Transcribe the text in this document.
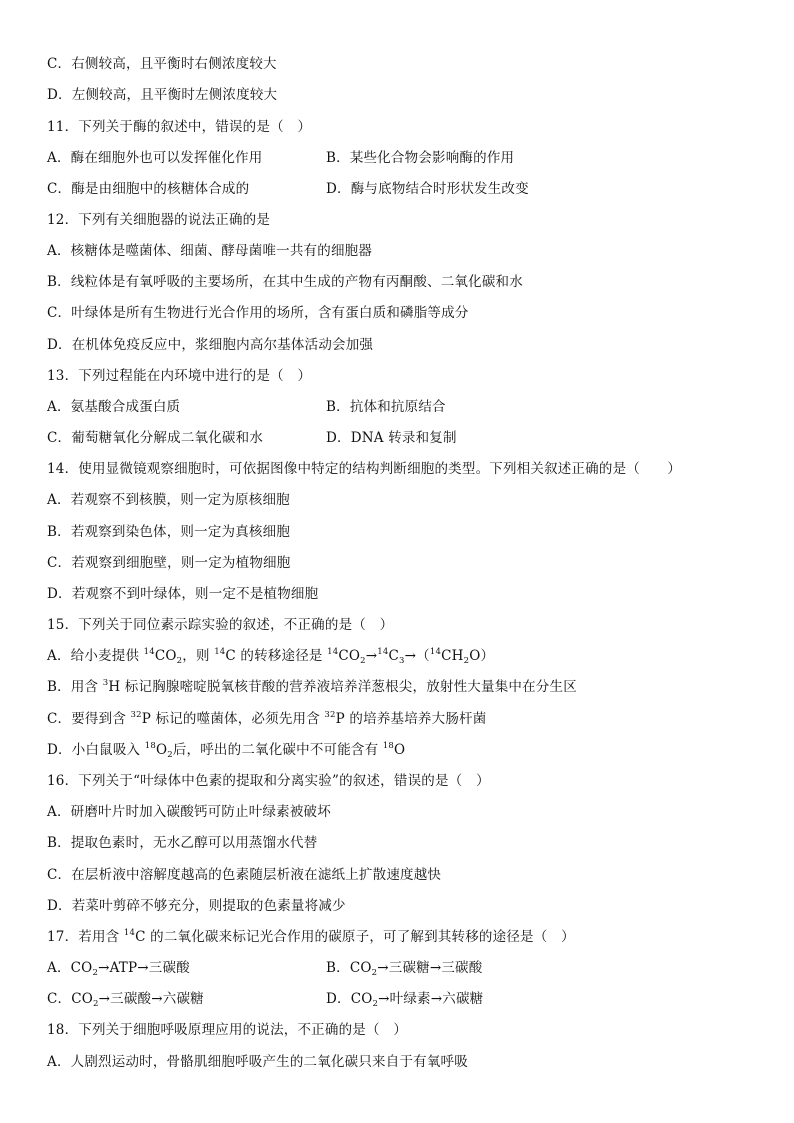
C．右侧较高，且平衡时右侧浓度较大
D．左侧较高，且平衡时左侧浓度较大
11．下列关于酶的叙述中，错误的是（　）
A．酶在细胞外也可以发挥催化作用	B．某些化合物会影响酶的作用
C．酶是由细胞中的核糖体合成的	D．酶与底物结合时形状发生改变
12．下列有关细胞器的说法正确的是
A．核糖体是噬菌体、细菌、酵母菌唯一共有的细胞器
B．线粒体是有氧呼吸的主要场所，在其中生成的产物有丙酮酸、二氧化碳和水
C．叶绿体是所有生物进行光合作用的场所，含有蛋白质和磷脂等成分
D．在机体免疫反应中，浆细胞内高尔基体活动会加强
13．下列过程能在内环境中进行的是（　）
A．氨基酸合成蛋白质	B．抗体和抗原结合
C．葡萄糖氧化分解成二氧化碳和水	D．DNA 转录和复制
14．使用显微镜观察细胞时，可依据图像中特定的结构判断细胞的类型。下列相关叙述正确的是（　　）
A．若观察不到核膜，则一定为原核细胞
B．若观察到染色体，则一定为真核细胞
C．若观察到细胞壁，则一定为植物细胞
D．若观察不到叶绿体，则一定不是植物细胞
15．下列关于同位素示踪实验的叙述，不正确的是（　）
A．给小麦提供 $^{14}CO_2$，则 $^{14}$C 的转移途径是 $^{14}CO_2\to^{14}C_3\to(^{14}CH_2O)$
B．用含 $^3$H 标记胸腺嘧啶脱氧核苷酸的营养液培养洋葱根尖，放射性大量集中在分生区
C．要得到含 $^{32}$P 标记的噬菌体，必须先用含 $^{32}$P 的培养基培养大肠杆菌
D．小白鼠吸入 $^{18}O_2$后，呼出的二氧化碳中不可能含有 $^{18}$O
16．下列关于“叶绿体中色素的提取和分离实验”的叙述，错误的是（　）
A．研磨叶片时加入碳酸钙可防止叶绿素被破坏
B．提取色素时，无水乙醇可以用蒸馏水代替
C．在层析液中溶解度越高的色素随层析液在滤纸上扩散速度越快
D．若菜叶剪碎不够充分，则提取的色素量将减少
17．若用含 $^{14}$C 的二氧化碳来标记光合作用的碳原子，可了解到其转移的途径是（　）
A．$CO_2\to ATP\to$三碳酸	B．$CO_2\to$三碳糖→三碳酸
C．$CO_2\to$三碳酸→六碳糖	D．$CO_2\to$叶绿素→六碳糖
18．下列关于细胞呼吸原理应用的说法，不正确的是（　）
A．人剧烈运动时，骨骼肌细胞呼吸产生的二氧化碳只来自于有氧呼吸
